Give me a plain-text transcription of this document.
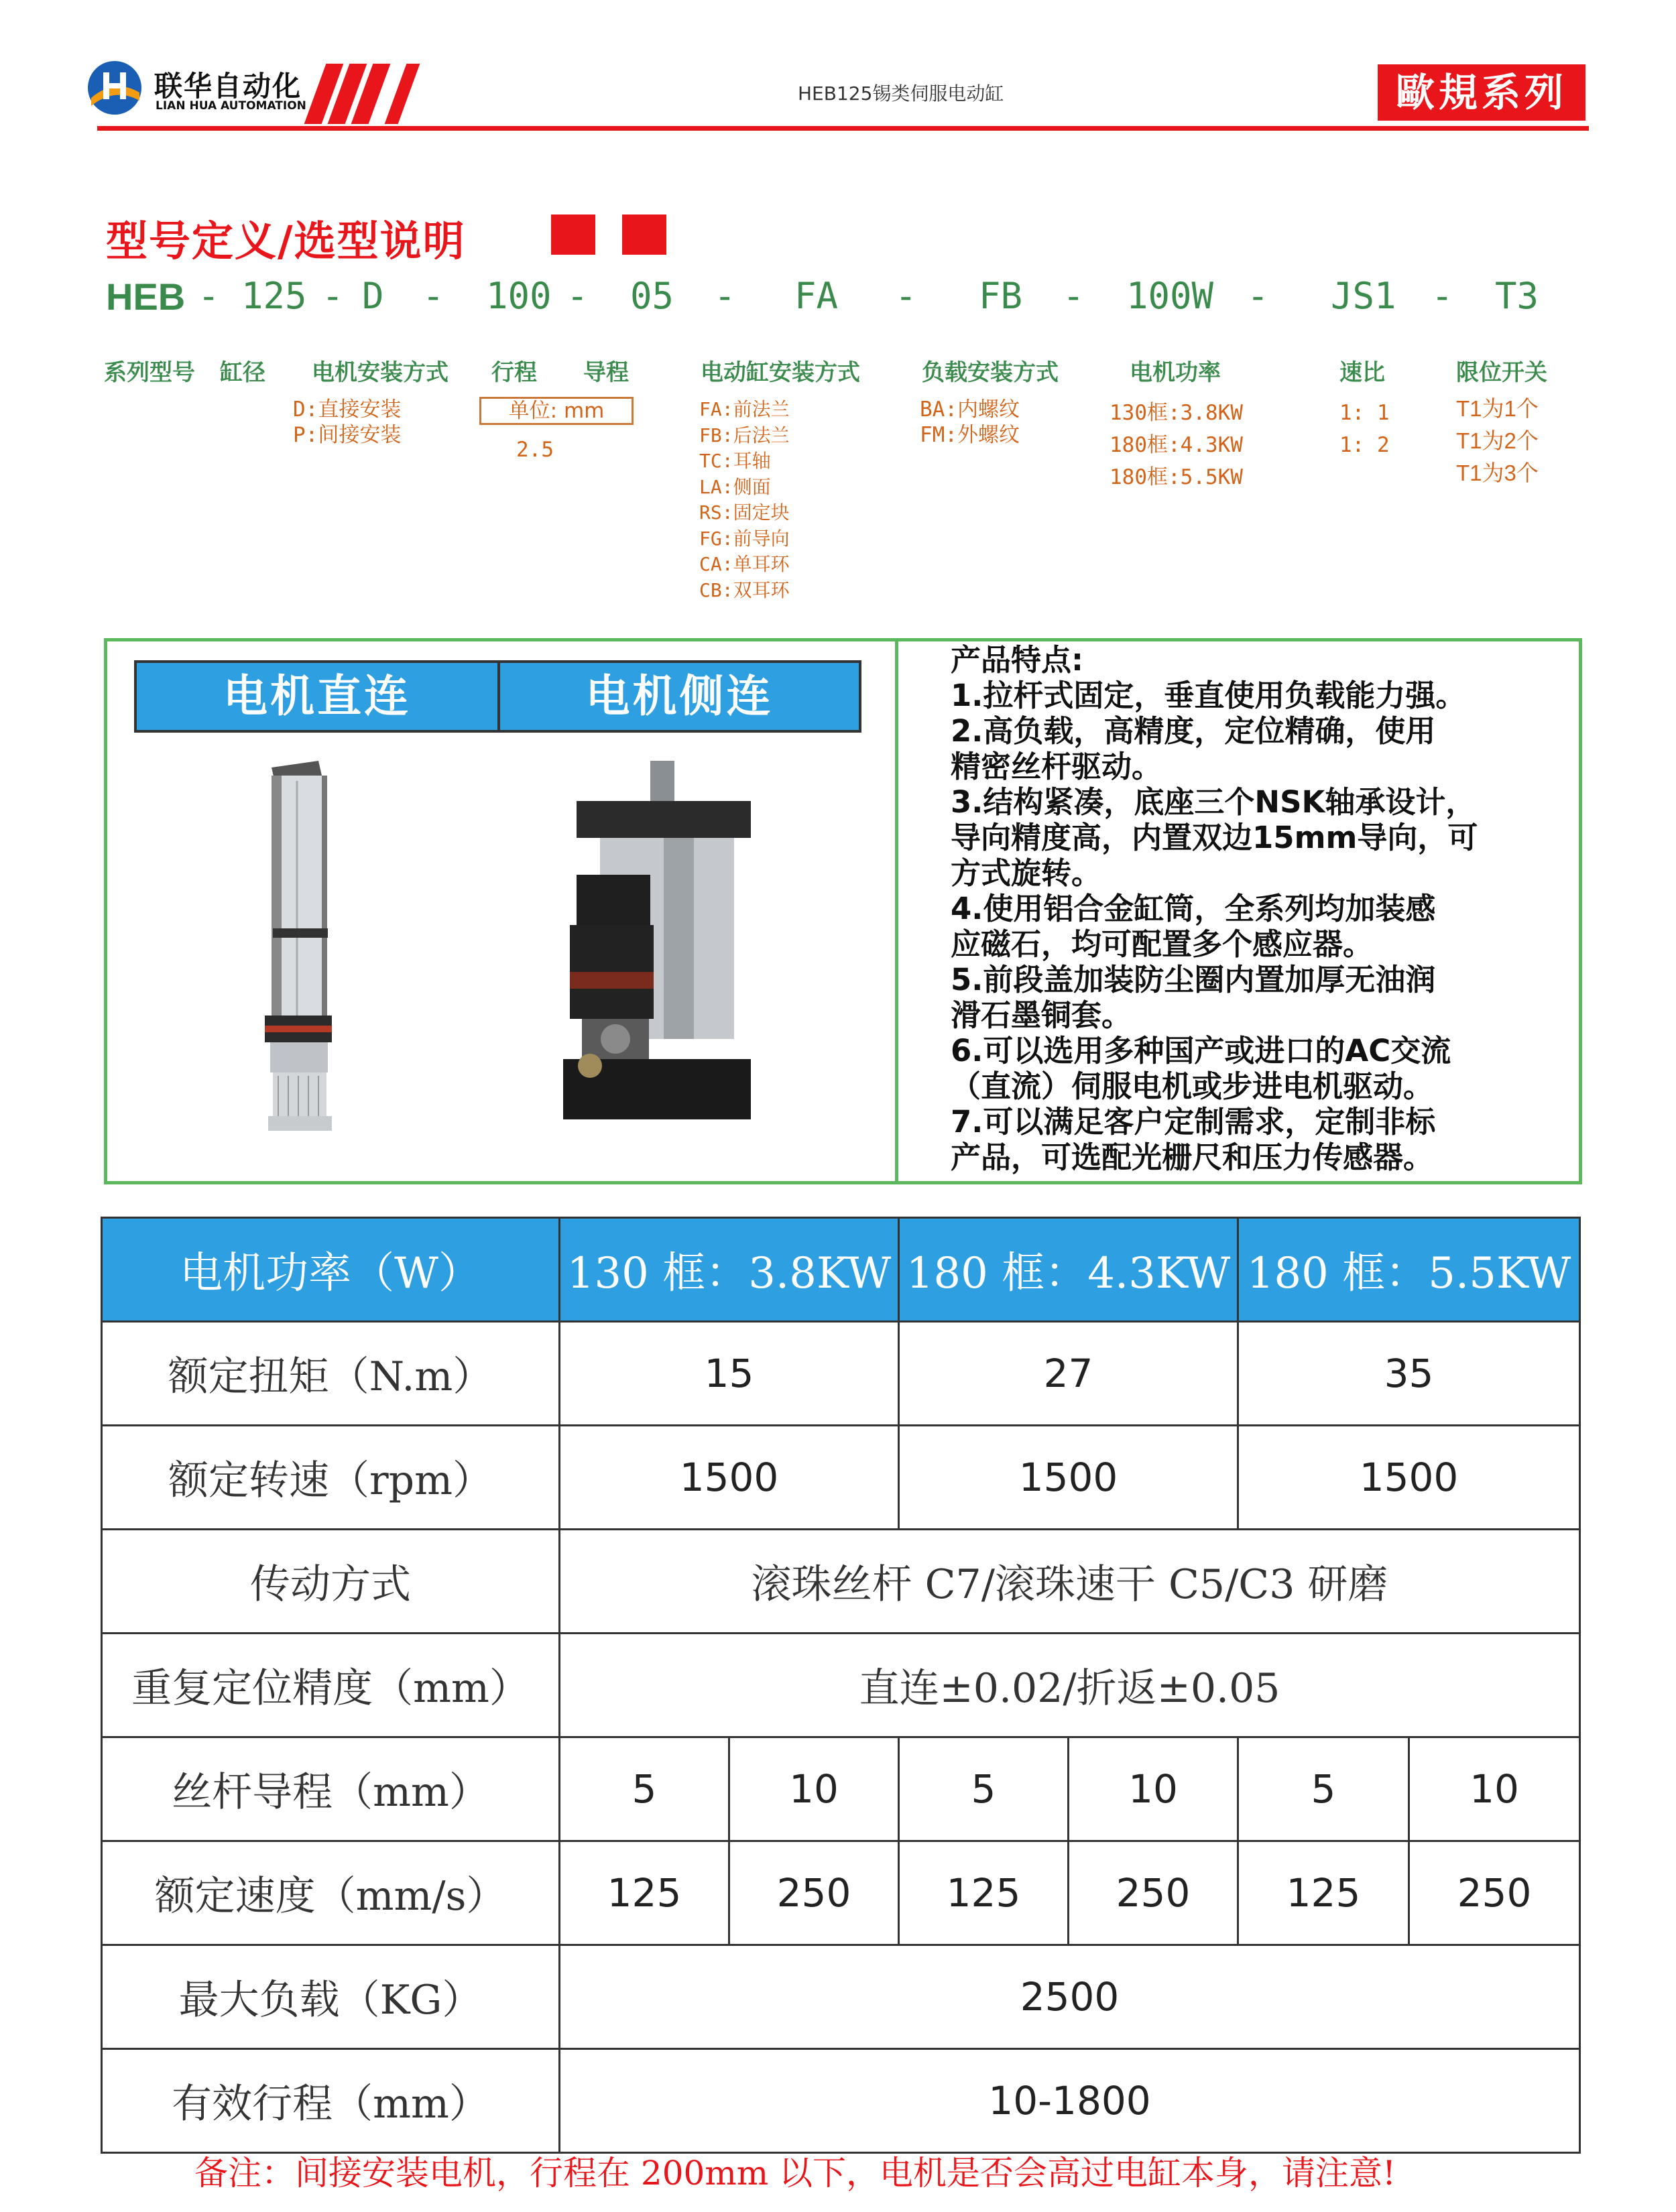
联华自动化
LIAN HUA AUTOMATION
HEB125锡类伺服电动缸	歐規系列
型号定义/选型说明
HEB - 125 - D - 100 - 05 - FA - FB - 100W - JS1 - T3
系列型号 缸径 电机安装方式 行程 导程	电动缸安装方式	负载安装方式	电机功率	速比	限位开关
D:直接安装
P:间接安装
单位: mm
2.5
FA:前法兰
FB:后法兰
TC:耳轴
LA:侧面
RS:固定块
FG:前导向
CA:单耳环
CB:双耳环
BA:内螺纹
FM:外螺纹
130框:3.8KW
180框:4.3KW
180框:5.5KW
1: 1
1: 2
T1为1个
T1为2个
T1为3个
电机直连	电机侧连
产品特点:
1.拉杆式固定，垂直使用负载能力强。
2.高负载，高精度，定位精确，使用
精密丝杆驱动。
3.结构紧凑，底座三个NSK轴承设计，
导向精度高，内置双边15mm导向，可
方式旋转。
4.使用铝合金缸筒，全系列均加装感
应磁石，均可配置多个感应器。
5.前段盖加装防尘圈内置加厚无油润
滑石墨铜套。
6.可以选用多种国产或进口的AC交流
（直流）伺服电机或步进电机驱动。
7.可以满足客户定制需求，定制非标
产品，可选配光栅尺和压力传感器。
电机功率（W）	130 框：3.8KW		180 框：4.3KW		180 框：5.5KW	
额定扭矩（N.m）	15		27		35	
额定转速（rpm）	1500		1500		1500	
传动方式	滚珠丝杆 C7/滚珠速干 C5/C3 研磨					
重复定位精度（mm）	直连±0.02/折返±0.05					
丝杆导程（mm）	5	10	5	10	5	10
额定速度（mm/s）	125	250	125	250	125	250
最大负载（KG）	2500					
有效行程（mm）	10-1800					
备注：间接安装电机，行程在 200mm 以下，电机是否会高过电缸本身，请注意!
